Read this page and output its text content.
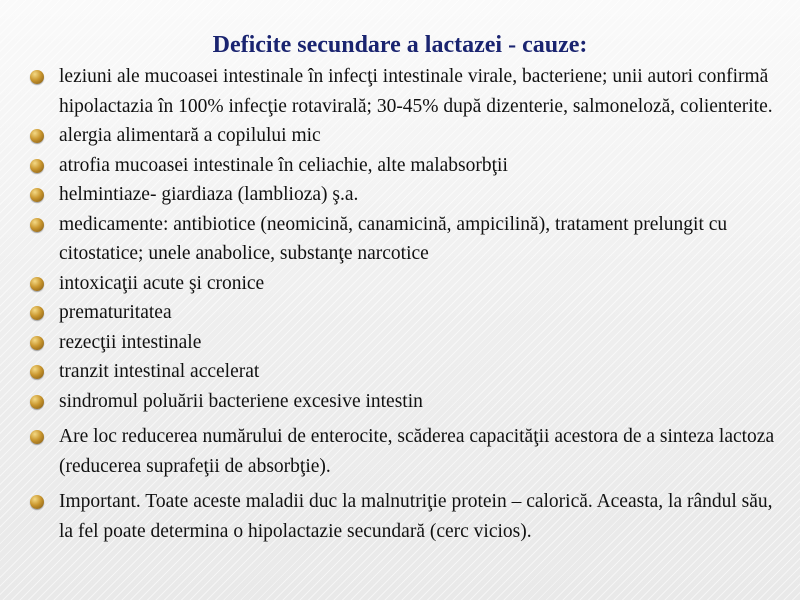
Deficite secundare a lactazei - cauze:
leziuni ale mucoasei intestinale în infecţi intestinale virale, bacteriene; unii autori confirmă hipolactazia în 100% infecţie rotavirală; 30-45% după dizenterie, salmoneloză, colienterite.
alergia alimentară a copilului mic
atrofia mucoasei intestinale în celiachie, alte malabsorbţii
helmintiaze- giardiaza (lamblioza) ş.a.
medicamente: antibiotice (neomicină, canamicină, ampicilină), tratament prelungit cu citostatice; unele anabolice, substanţe narcotice
intoxicaţii acute şi cronice
prematuritatea
rezecţii intestinale
tranzit intestinal accelerat
sindromul poluării bacteriene excesive intestin
Are loc reducerea numărului de enterocite, scăderea capacităţii acestora de a sinteza lactoza (reducerea suprafeţii de absorbţie).
Important. Toate aceste maladii duc la malnutriţie protein – calorică. Aceasta, la rândul său, la fel poate determina o hipolactazie secundară (cerc vicios).
